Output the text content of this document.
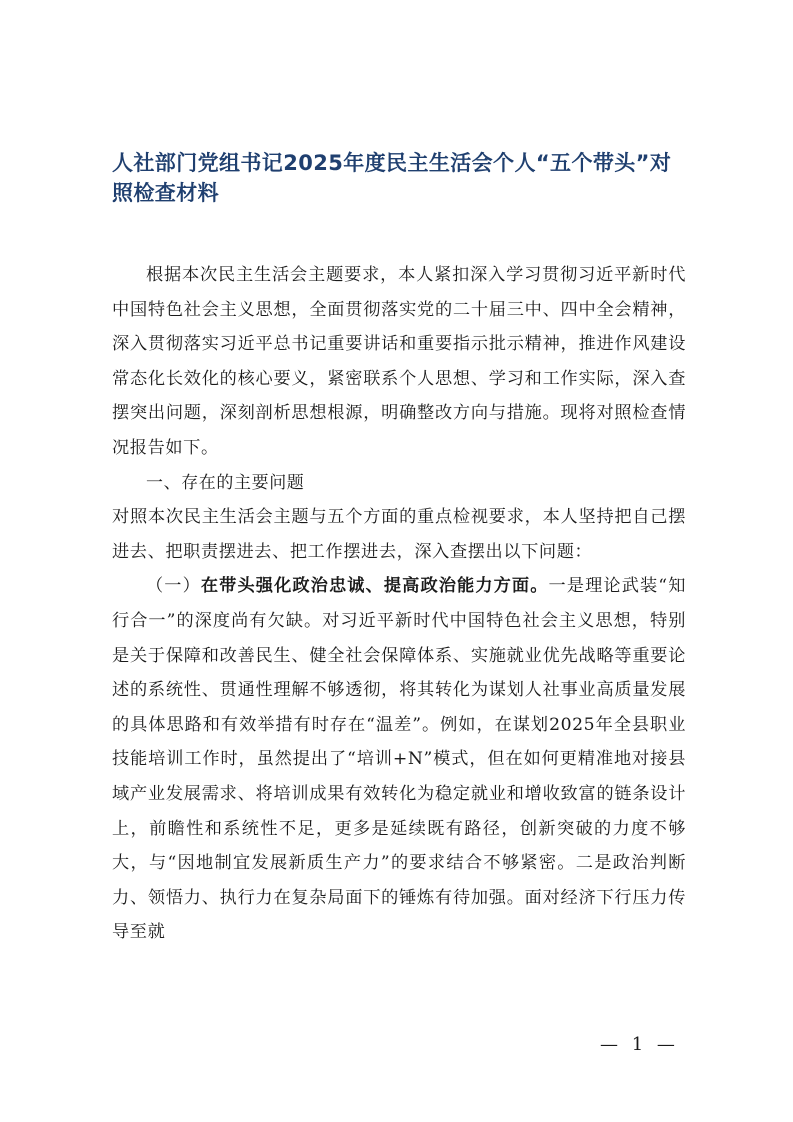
人社部门党组书记2025年度民主生活会个人“五个带头”对照检查材料

根据本次民主生活会主题要求，本人紧扣深入学习贯彻习近平新时代中国特色社会主义思想，全面贯彻落实党的二十届三中、四中全会精神，深入贯彻落实习近平总书记重要讲话和重要指示批示精神，推进作风建设常态化长效化的核心要义，紧密联系个人思想、学习和工作实际，深入查摆突出问题，深刻剖析思想根源，明确整改方向与措施。现将对照检查情况报告如下。

一、存在的主要问题

对照本次民主生活会主题与五个方面的重点检视要求，本人坚持把自己摆进去、把职责摆进去、把工作摆进去，深入查摆出以下问题：

（一）在带头强化政治忠诚、提高政治能力方面。一是理论武装“知行合一”的深度尚有欠缺。对习近平新时代中国特色社会主义思想，特别是关于保障和改善民生、健全社会保障体系、实施就业优先战略等重要论述的系统性、贯通性理解不够透彻，将其转化为谋划人社事业高质量发展的具体思路和有效举措有时存在“温差”。例如，在谋划2025年全县职业技能培训工作时，虽然提出了“培训+N”模式，但在如何更精准地对接县域产业发展需求、将培训成果有效转化为稳定就业和增收致富的链条设计上，前瞻性和系统性不足，更多是延续既有路径，创新突破的力度不够大，与“因地制宜发展新质生产力”的要求结合不够紧密。二是政治判断力、领悟力、执行力在复杂局面下的锤炼有待加强。面对经济下行压力传导至就

— 1 —
